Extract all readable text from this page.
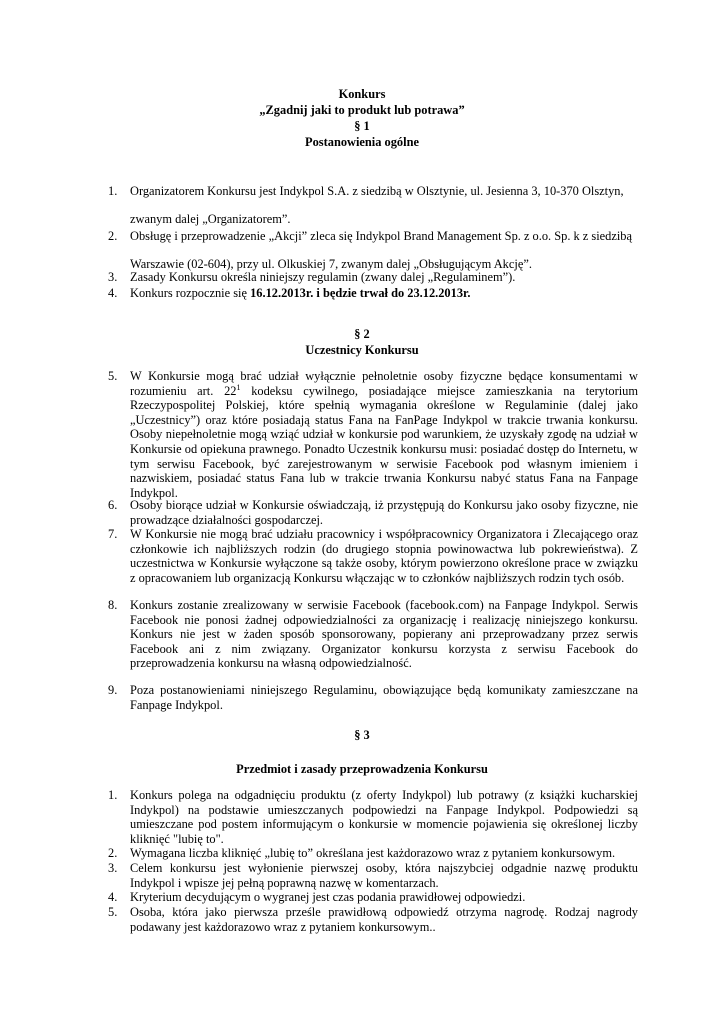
Konkurs
„Zgadnij jaki to produkt lub potrawa”
§ 1
Postanowienia ogólne
1. Organizatorem Konkursu jest Indykpol S.A. z siedzibą w Olsztynie, ul. Jesienna 3, 10-370 Olsztyn, zwanym dalej „Organizatorem”.
2. Obsługę i przeprowadzenie „Akcji” zleca się Indykpol Brand Management Sp. z o.o. Sp. k z siedzibą Warszawie (02-604), przy ul. Olkuskiej 7, zwanym dalej „Obsługującym Akcję”.
3. Zasady Konkursu określa niniejszy regulamin (zwany dalej „Regulaminem”).
4. Konkurs rozpocznie się 16.12.2013r. i będzie trwał do 23.12.2013r.
§ 2
Uczestnicy Konkursu
5. W Konkursie mogą brać udział wyłącznie pełnoletnie osoby fizyczne będące konsumentami w rozumieniu art. $22^1$ kodeksu cywilnego, posiadające miejsce zamieszkania na terytorium Rzeczypospolitej Polskiej, które spełnią wymagania określone w Regulaminie (dalej jako „Uczestnicy”) oraz które posiadają status Fana na FanPage Indykpol w trakcie trwania konkursu. Osoby niepełnoletnie mogą wziąć udział w konkursie pod warunkiem, że uzyskały zgodę na udział w Konkursie od opiekuna prawnego. Ponadto Uczestnik konkursu musi: posiadać dostęp do Internetu, w tym serwisu Facebook, być zarejestrowanym w serwisie Facebook pod własnym imieniem i nazwiskiem, posiadać status Fana lub w trakcie trwania Konkursu nabyć status Fana na Fanpage Indykpol.
6. Osoby biorące udział w Konkursie oświadczają, iż przystępują do Konkursu jako osoby fizyczne, nie prowadzące działalności gospodarczej.
7. W Konkursie nie mogą brać udziału pracownicy i współpracownicy Organizatora i Zlecającego oraz członkowie ich najbliższych rodzin (do drugiego stopnia powinowactwa lub pokrewieństwa). Z uczestnictwa w Konkursie wyłączone są także osoby, którym powierzono określone prace w związku z opracowaniem lub organizacją Konkursu włączając w to członków najbliższych rodzin tych osób.
8. Konkurs zostanie zrealizowany w serwisie Facebook (facebook.com) na Fanpage Indykpol. Serwis Facebook nie ponosi żadnej odpowiedzialności za organizację i realizację niniejszego konkursu. Konkurs nie jest w żaden sposób sponsorowany, popierany ani przeprowadzany przez serwis Facebook ani z nim związany. Organizator konkursu korzysta z serwisu Facebook do przeprowadzenia konkursu na własną odpowiedzialność.
9. Poza postanowieniami niniejszego Regulaminu, obowiązujące będą komunikaty zamieszczane na Fanpage Indykpol.
§ 3
Przedmiot i zasady przeprowadzenia Konkursu
1. Konkurs polega na odgadnięciu produktu (z oferty Indykpol) lub potrawy (z książki kucharskiej Indykpol) na podstawie umieszczanych podpowiedzi na Fanpage Indykpol. Podpowiedzi są umieszczane pod postem informującym o konkursie w momencie pojawienia się określonej liczby kliknięć "lubię to".
2. Wymagana liczba kliknięć „lubię to” określana jest każdorazowo wraz z pytaniem konkursowym.
3. Celem konkursu jest wyłonienie pierwszej osoby, która najszybciej odgadnie nazwę produktu Indykpol i wpisze jej pełną poprawną nazwę w komentarzach.
4. Kryterium decydującym o wygranej jest czas podania prawidłowej odpowiedzi.
5. Osoba, która jako pierwsza prześle prawidłową odpowiedź otrzyma nagrodę. Rodzaj nagrody podawany jest każdorazowo wraz z pytaniem konkursowym..
